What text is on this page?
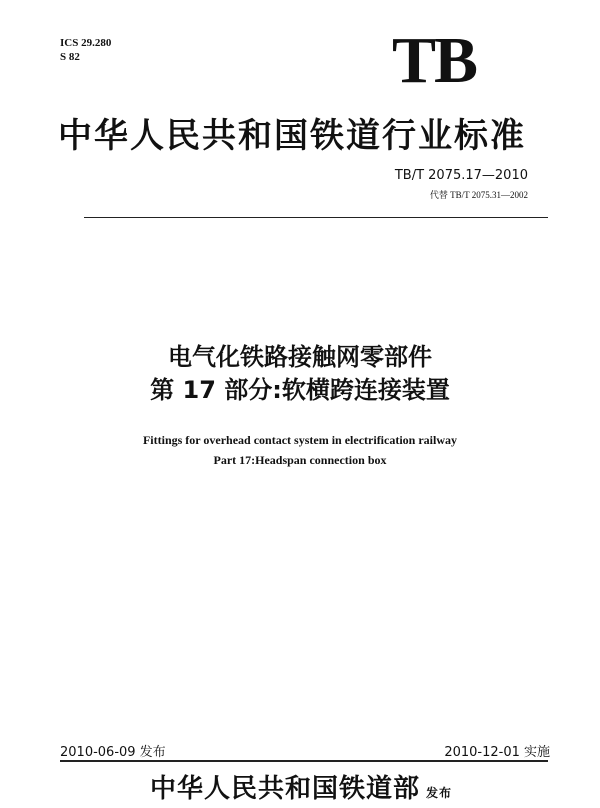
ICS 29.280
S 82	TB
中华人民共和国铁道行业标准
TB/T 2075.17—2010
代替 TB/T 2075.31—2002
电气化铁路接触网零部件
第 17 部分:软横跨连接装置
Fittings for overhead contact system in electrification railway
Part 17:Headspan connection box
2010-06-09 发布	2010-12-01 实施
中华人民共和国铁道部 发布
